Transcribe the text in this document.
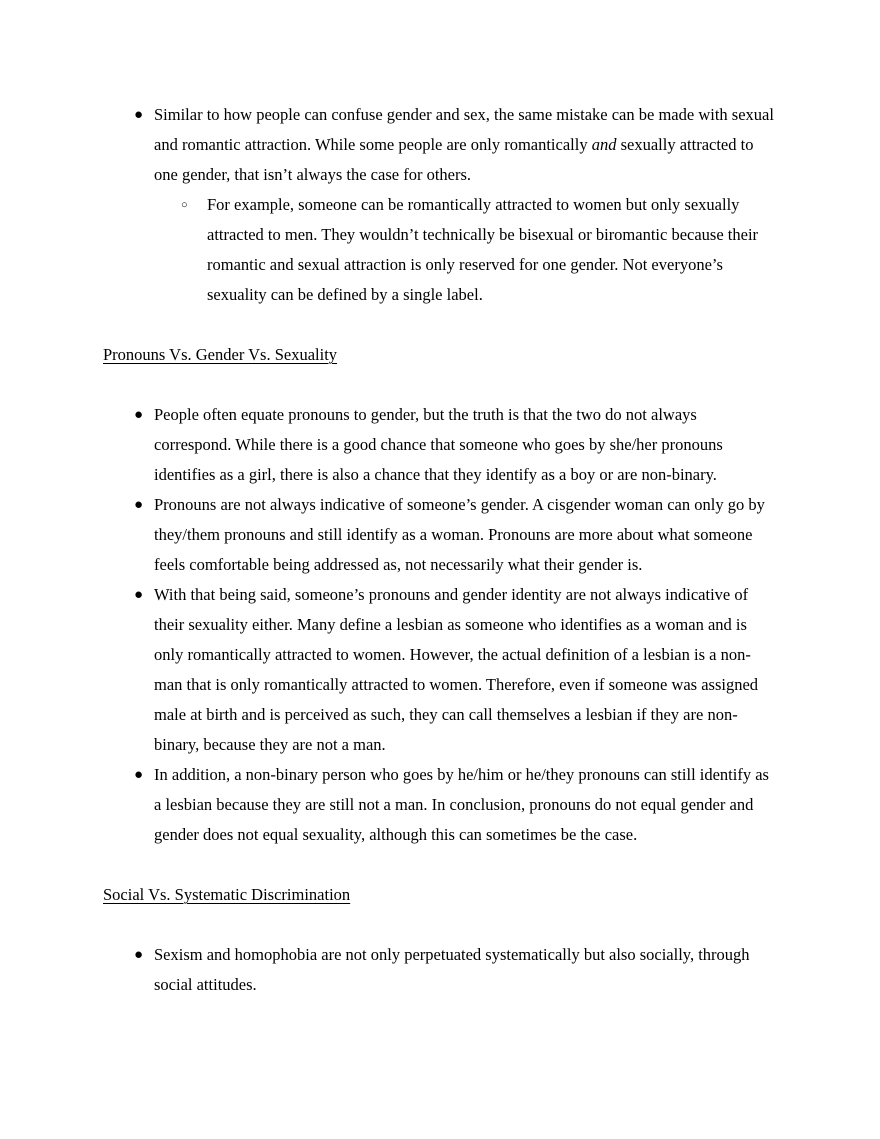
● Similar to how people can confuse gender and sex, the same mistake can be made with sexual and romantic attraction. While some people are only romantically and sexually attracted to one gender, that isn’t always the case for others.
○	For example, someone can be romantically attracted to women but only sexually attracted to men. They wouldn’t technically be bisexual or biromantic because their romantic and sexual attraction is only reserved for one gender. Not everyone’s sexuality can be defined by a single label.
Pronouns Vs. Gender Vs. Sexuality
● People often equate pronouns to gender, but the truth is that the two do not always correspond. While there is a good chance that someone who goes by she/her pronouns identifies as a girl, there is also a chance that they identify as a boy or are non-binary.
● Pronouns are not always indicative of someone’s gender. A cisgender woman can only go by they/them pronouns and still identify as a woman. Pronouns are more about what someone feels comfortable being addressed as, not necessarily what their gender is.
● With that being said, someone’s pronouns and gender identity are not always indicative of their sexuality either. Many define a lesbian as someone who identifies as a woman and is only romantically attracted to women. However, the actual definition of a lesbian is a non-man that is only romantically attracted to women. Therefore, even if someone was assigned male at birth and is perceived as such, they can call themselves a lesbian if they are non-binary, because they are not a man.
● In addition, a non-binary person who goes by he/him or he/they pronouns can still identify as a lesbian because they are still not a man. In conclusion, pronouns do not equal gender and gender does not equal sexuality, although this can sometimes be the case.
Social Vs. Systematic Discrimination
● Sexism and homophobia are not only perpetuated systematically but also socially, through social attitudes.
